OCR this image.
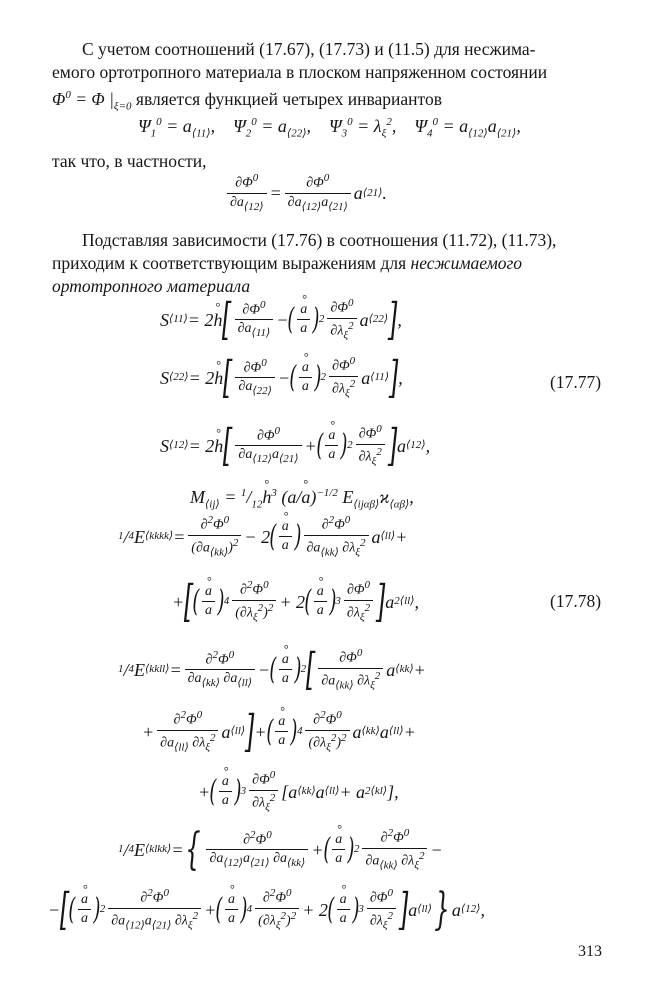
С учетом соотношений (17.67), (17.73) и (11.5) для несжима-
емого ортотропного материала в плоском напряженном состоянии
$\Phi^0 = \Phi$ $|_{\xi=0}$ является функцией четырех инвариантов
$\Psi_1^0 = a_{⟨11⟩}$,    $\Psi_2^0 = a_{⟨22⟩}$,    $\Psi_3^0 = \lambda_\xi^2$,    $\Psi_4^0 = a_{⟨12⟩}a_{⟨21⟩}$,
так что, в частности,
$\frac{\partial\Phi^0}{\partial a_{⟨12⟩}} = \frac{\partial\Phi^0}{\partial a_{⟨12⟩}a_{⟨21⟩}}$ a ⟨21⟩ .
Подставляя зависимости (17.76) в соотношения (11.72), (11.73),
приходим к соответствующим выражениям для несжимаемого
ортотропного материала
S ⟨11⟩ = 2 ° h [ $\frac{\partial\Phi^0}{\partial a_{⟨11⟩}}$ − ( ° $\frac{a}{a}$ ) $2 \frac{\partial\Phi^0}{\partial\lambda_\xi^2}$ a ⟨22⟩ ] ,
S ⟨22⟩ = 2 ° h [ $\frac{\partial\Phi^0}{\partial a_{⟨22⟩}}$ − ( ° $\frac{a}{a}$ ) $2 \frac{\partial\Phi^0}{\partial\lambda_\xi^2}$ a ⟨11⟩ ] ,	(17.77)
S ⟨12⟩ = 2 ° h [ $\frac{\partial\Phi^0}{\partial a_{⟨12⟩}a_{⟨21⟩}}$ + ( ° $\frac{a}{a}$ ) $2 \frac{\partial\Phi^0}{\partial\lambda_\xi^2}$ ] a ⟨12⟩ ,
$M_{⟨ij⟩} = ^1/_{12}^\circ$ $h^3$ (a/° a)$^{-1/2}$ $E_{⟨ij\alpha\beta⟩}ϰ_{⟨\alpha\beta⟩}$,
1 / 4 E ⟨kkkk⟩ = $\frac{\partial^2\Phi^0}{(\partial a_{⟨kk⟩})^2} - 2$ ( ° $\frac{a}{a}$ ) $\frac{\partial^2\Phi^0}{\partial a_{⟨kk⟩} \partial\lambda_\xi^2}$ a ⟨ll⟩ +
+ [ ( ° $\frac{a}{a}$ ) $4 \frac{\partial^2\Phi^0}{(\partial\lambda_\xi^2)^2} + 2$ ( ° $\frac{a}{a}$ ) $3 \frac{\partial\Phi^0}{\partial\lambda_\xi^2}$ ] a 2 ⟨ll⟩ ,	(17.78)
1 / 4 E ⟨kkll⟩ = $\frac{\partial^2\Phi^0}{\partial a_{⟨kk⟩} \partial a_{⟨ll⟩}}$ − ( ° $\frac{a}{a}$ ) 2 [ $\frac{\partial\Phi^0}{\partial a_{⟨kk⟩} \partial\lambda_\xi^2}$ a ⟨kk⟩ +
+ $\frac{\partial^2\Phi^0}{\partial a_{⟨ll⟩} \partial\lambda_\xi^2}$ a ⟨ll⟩ ] + ( ° $\frac{a}{a}$ ) $4 \frac{\partial^2\Phi^0}{(\partial\lambda_\xi^2)^2}$ a ⟨kk⟩ a ⟨ll⟩ +
+ ( ° $\frac{a}{a}$ ) $3 \frac{\partial\Phi^0}{\partial\lambda_\xi^2} [a$ ⟨kk⟩ a ⟨ll⟩ + a 2 ⟨kl⟩ ],
1 / 4 E ⟨klkk⟩ = { $\frac{\partial^2\Phi^0}{\partial a_{⟨12⟩}a_{⟨21⟩} \partial a_{⟨kk⟩}}$ + ( ° $\frac{a}{a}$ ) $2 \frac{\partial^2\Phi^0}{\partial a_{⟨kk⟩} \partial\lambda_\xi^2}$ −
− [ ( ° $\frac{a}{a}$ ) $2 \frac{\partial^2\Phi^0}{\partial a_{⟨12⟩}a_{⟨21⟩} \partial\lambda_\xi^2}$ + ( ° $\frac{a}{a}$ ) $4 \frac{\partial^2\Phi^0}{(\partial\lambda_\xi^2)^2} + 2$ ( ° $\frac{a}{a}$ ) $3 \frac{\partial\Phi^0}{\partial\lambda_\xi^2}$ ] a ⟨ll⟩ } a ⟨12⟩ ,
313
